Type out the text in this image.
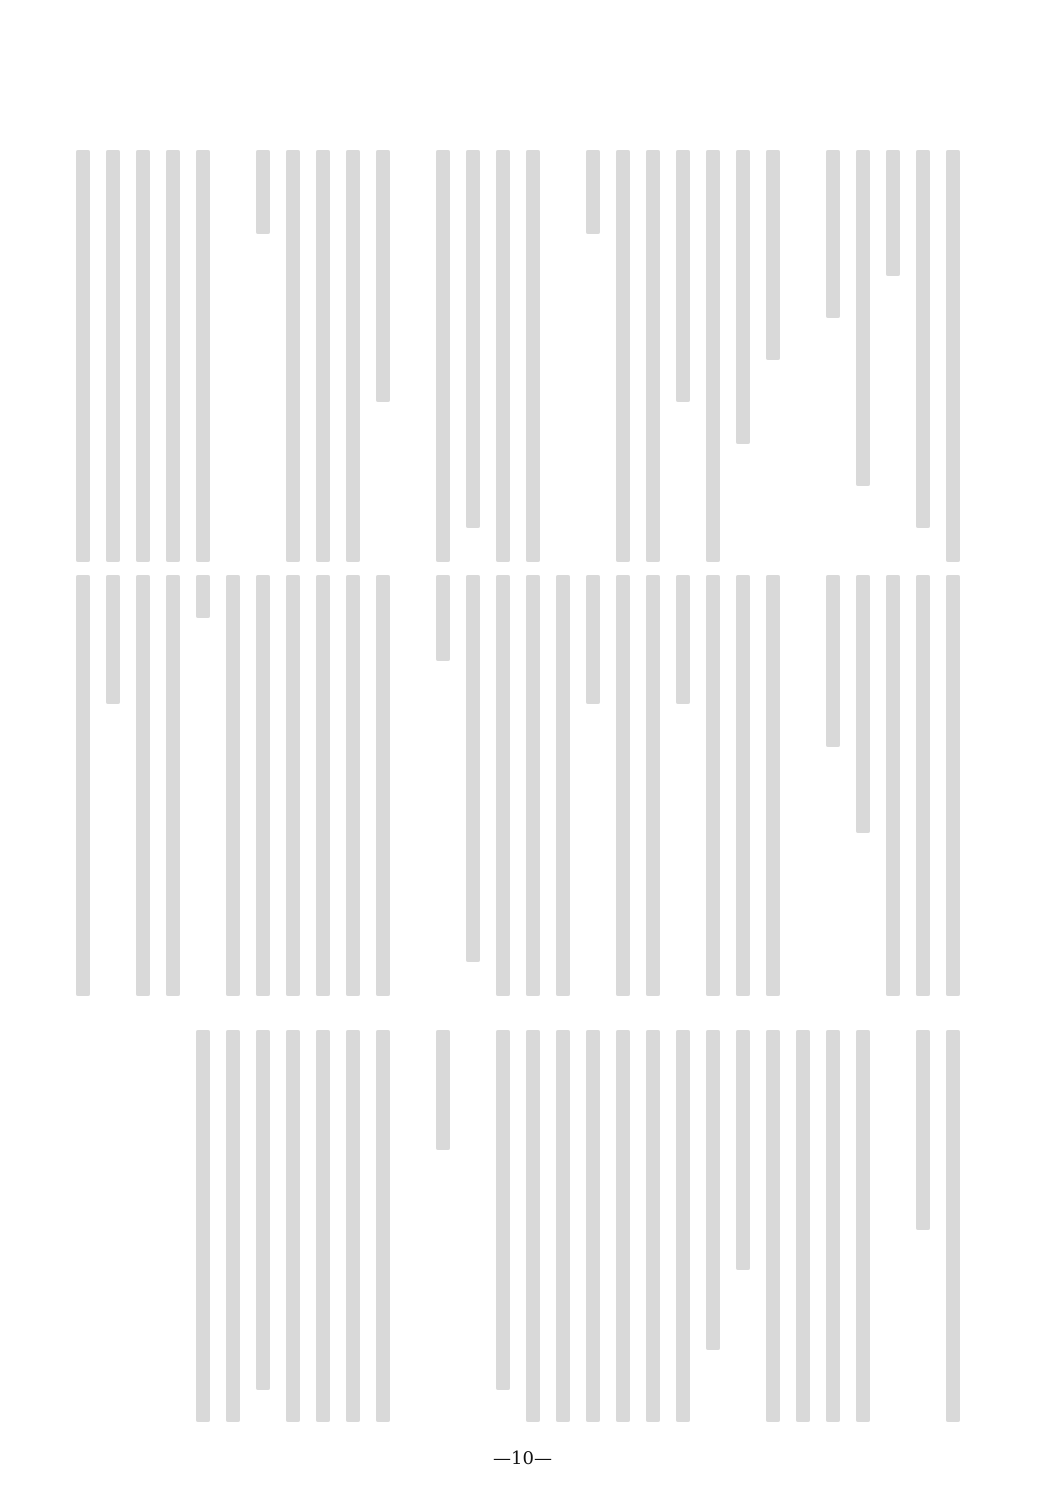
—10—
